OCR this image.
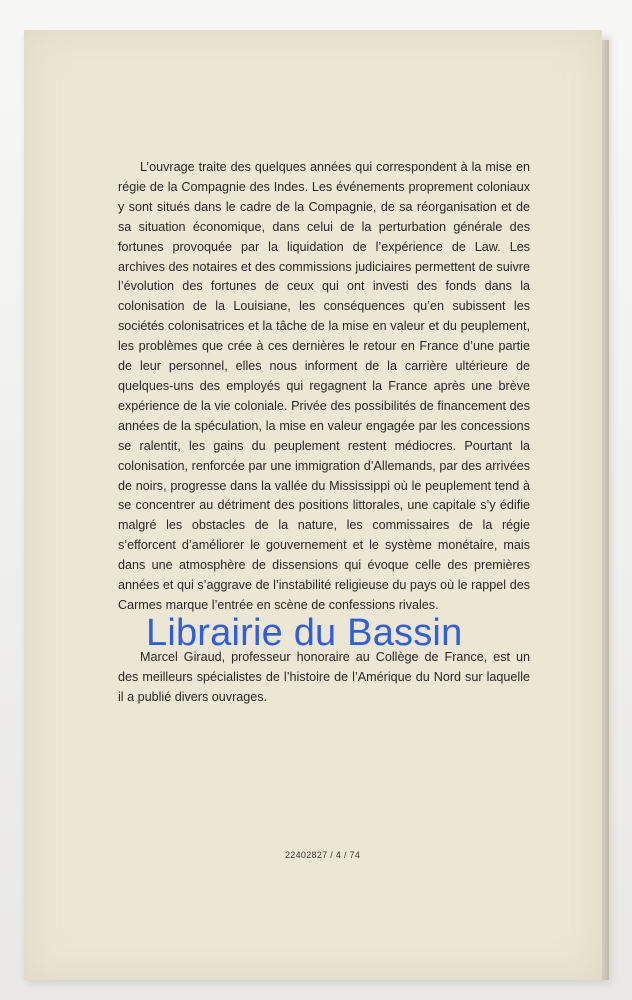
L’ouvrage traite des quelques années qui correspondent à la mise en régie de la Compagnie des Indes. Les événements proprement coloniaux y sont situés dans le cadre de la Compagnie, de sa réorganisation et de sa situation économique, dans celui de la perturbation générale des fortunes provoquée par la liquidation de l’expérience de Law. Les archives des notaires et des commissions judiciaires permettent de suivre l’évolution des fortunes de ceux qui ont investi des fonds dans la colonisation de la Louisiane, les conséquences qu’en subissent les sociétés colonisatrices et la tâche de la mise en valeur et du peuplement, les problèmes que crée à ces dernières le retour en France d’une partie de leur personnel, elles nous informent de la carrière ultérieure de quelques-uns des employés qui regagnent la France après une brève expérience de la vie coloniale. Privée des possibilités de financement des années de la spéculation, la mise en valeur engagée par les concessions se ralentit, les gains du peuplement restent médiocres. Pourtant la colonisation, renforcée par une immigration d’Allemands, par des arrivées de noirs, progresse dans la vallée du Mississippi où le peuplement tend à se concentrer au détriment des positions littorales, une capitale s’y édifie malgré les obstacles de la nature, les commissaires de la régie s’efforcent d’améliorer le gouvernement et le système monétaire, mais dans une atmosphère de dissensions qui évoque celle des premières années et qui s’aggrave de l’instabilité religieuse du pays où le rappel des Carmes marque l’entrée en scène de confessions rivales.

Librairie du Bassin

Marcel Giraud, professeur honoraire au Collège de France, est un des meilleurs spécialistes de l’histoire de l’Amérique du Nord sur laquelle il a publié divers ouvrages.

22402827 / 4 / 74
